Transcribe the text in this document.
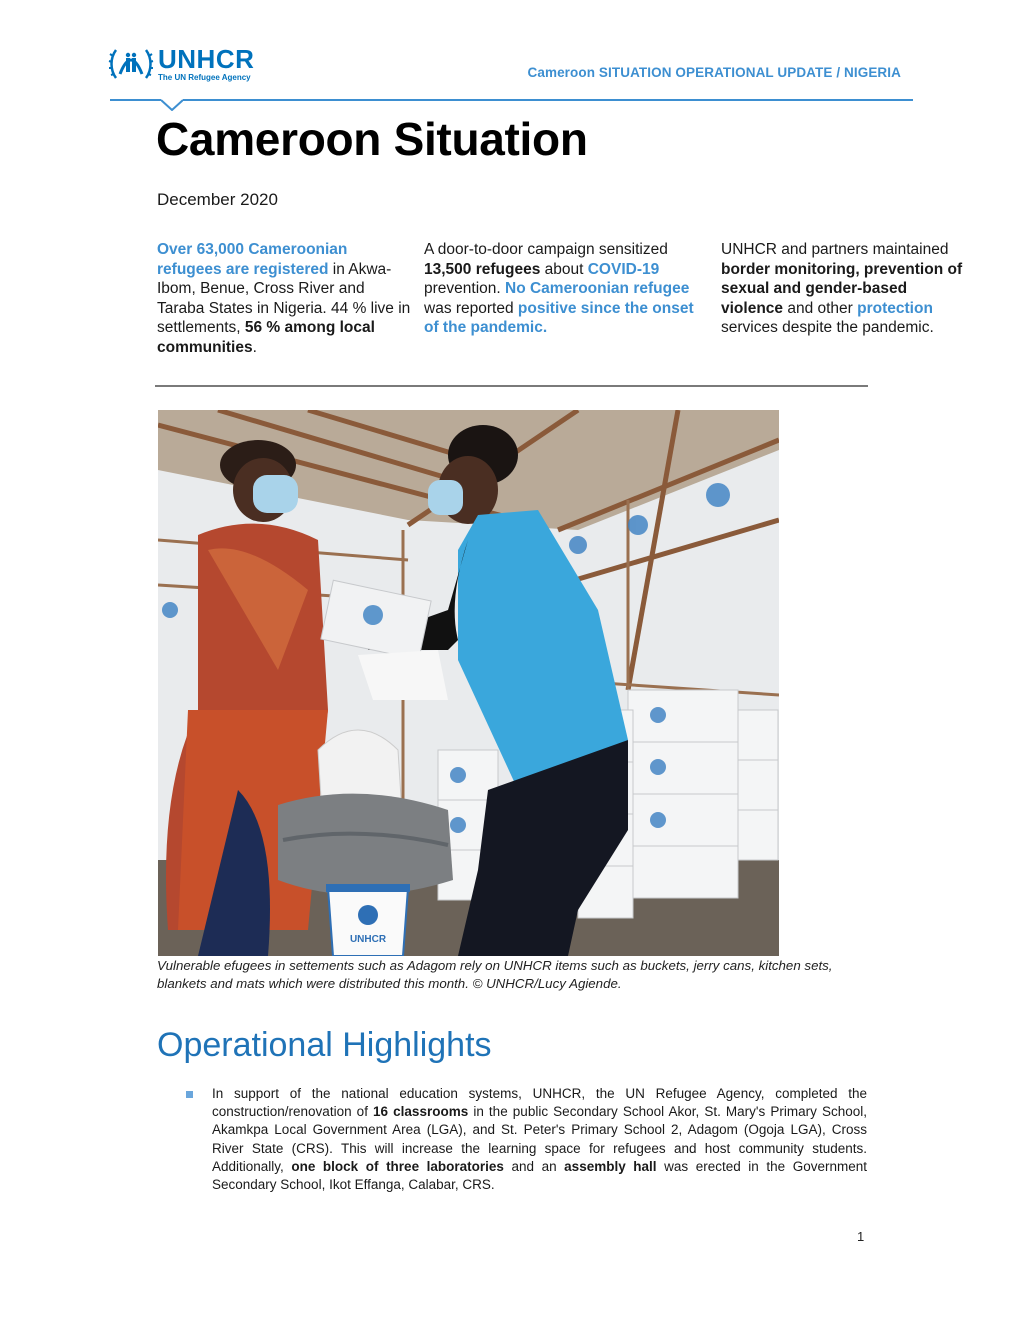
UNHCR
The UN Refugee Agency	Cameroon SITUATION OPERATIONAL UPDATE / NIGERIA
Cameroon Situation
December 2020
Over 63,000 Cameroonian refugees are registered in Akwa-Ibom, Benue, Cross River and Taraba States in Nigeria. 44 % live in settlements, 56 % among local communities.
A door-to-door campaign sensitized 13,500 refugees about COVID-19 prevention. No Cameroonian refugee was reported positive since the onset of the pandemic.
UNHCR and partners maintained border monitoring, prevention of sexual and gender-based violence and other protection services despite the pandemic.
UNHCR
Vulnerable efugees in settements such as Adagom rely on UNHCR items such as buckets, jerry cans, kitchen sets, blankets and mats which were distributed this month. © UNHCR/Lucy Agiende.
Operational Highlights
In support of the national education systems, UNHCR, the UN Refugee Agency, completed the construction/renovation of 16 classrooms in the public Secondary School Akor, St. Mary's Primary School, Akamkpa Local Government Area (LGA), and St. Peter's Primary School 2, Adagom (Ogoja LGA), Cross River State (CRS). This will increase the learning space for refugees and host community students. Additionally, one block of three laboratories and an assembly hall was erected in the Government Secondary School, Ikot Effanga, Calabar, CRS.
1
